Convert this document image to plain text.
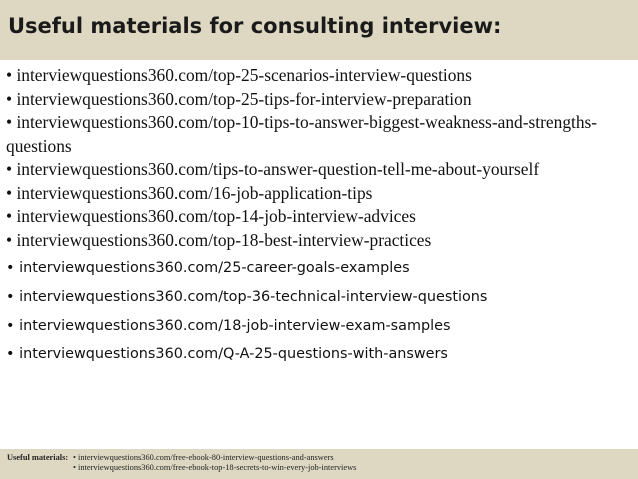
Useful materials for consulting interview:
• interviewquestions360.com/top-25-scenarios-interview-questions
• interviewquestions360.com/top-25-tips-for-interview-preparation
• interviewquestions360.com/top-10-tips-to-answer-biggest-weakness-and-strengths-questions
• interviewquestions360.com/tips-to-answer-question-tell-me-about-yourself
• interviewquestions360.com/16-job-application-tips
• interviewquestions360.com/top-14-job-interview-advices
• interviewquestions360.com/top-18-best-interview-practices
• interviewquestions360.com/25-career-goals-examples
• interviewquestions360.com/top-36-technical-interview-questions
• interviewquestions360.com/18-job-interview-exam-samples
• interviewquestions360.com/Q-A-25-questions-with-answers
Useful materials: • interviewquestions360.com/free-ebook-80-interview-questions-and-answers
• interviewquestions360.com/free-ebook-top-18-secrets-to-win-every-job-interviews
